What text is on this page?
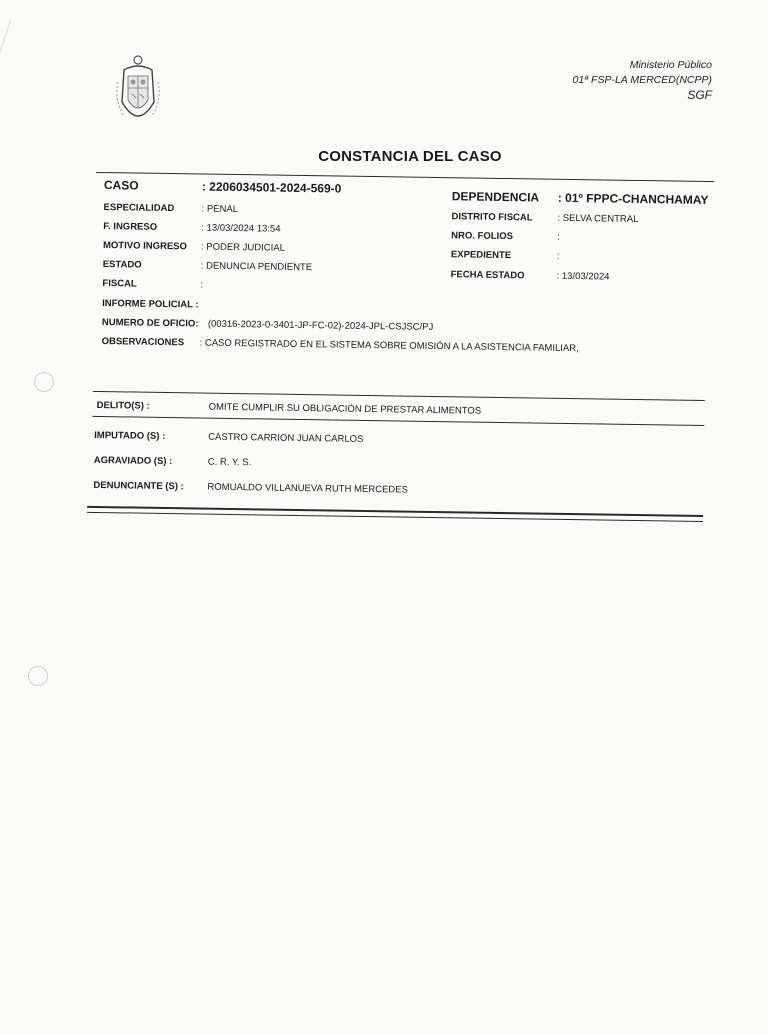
Ministerio Público
01ª FSP-LA MERCED(NCPP)
SGF
CONSTANCIA DEL CASO
CASO	: 2206034501-2024-569-0
ESPECIALIDAD	: PENAL
F. INGRESO	: 13/03/2024 13:54
MOTIVO INGRESO : PODER JUDICIAL
ESTADO	: DENUNCIA PENDIENTE
FISCAL	:
INFORME POLICIAL :
NUMERO DE OFICIO: (00316-2023-0-3401-JP-FC-02)-2024-JPL-CSJSC/PJ
OBSERVACIONES : CASO REGISTRADO EN EL SISTEMA SOBRE OMISIÓN A LA ASISTENCIA FAMILIAR,
DEPENDENCIA : 01º FPPC-CHANCHAMAY
DISTRITO FISCAL	: SELVA CENTRAL
NRO. FOLIOS	:
EXPEDIENTE	:
FECHA ESTADO	: 13/03/2024
DELITO(S) :	OMITE CUMPLIR SU OBLIGACIÓN DE PRESTAR ALIMENTOS
IMPUTADO (S) :	CASTRO CARRION JUAN CARLOS
AGRAVIADO (S) :	C. R. Y. S.
DENUNCIANTE (S) : ROMUALDO VILLANUEVA RUTH MERCEDES
